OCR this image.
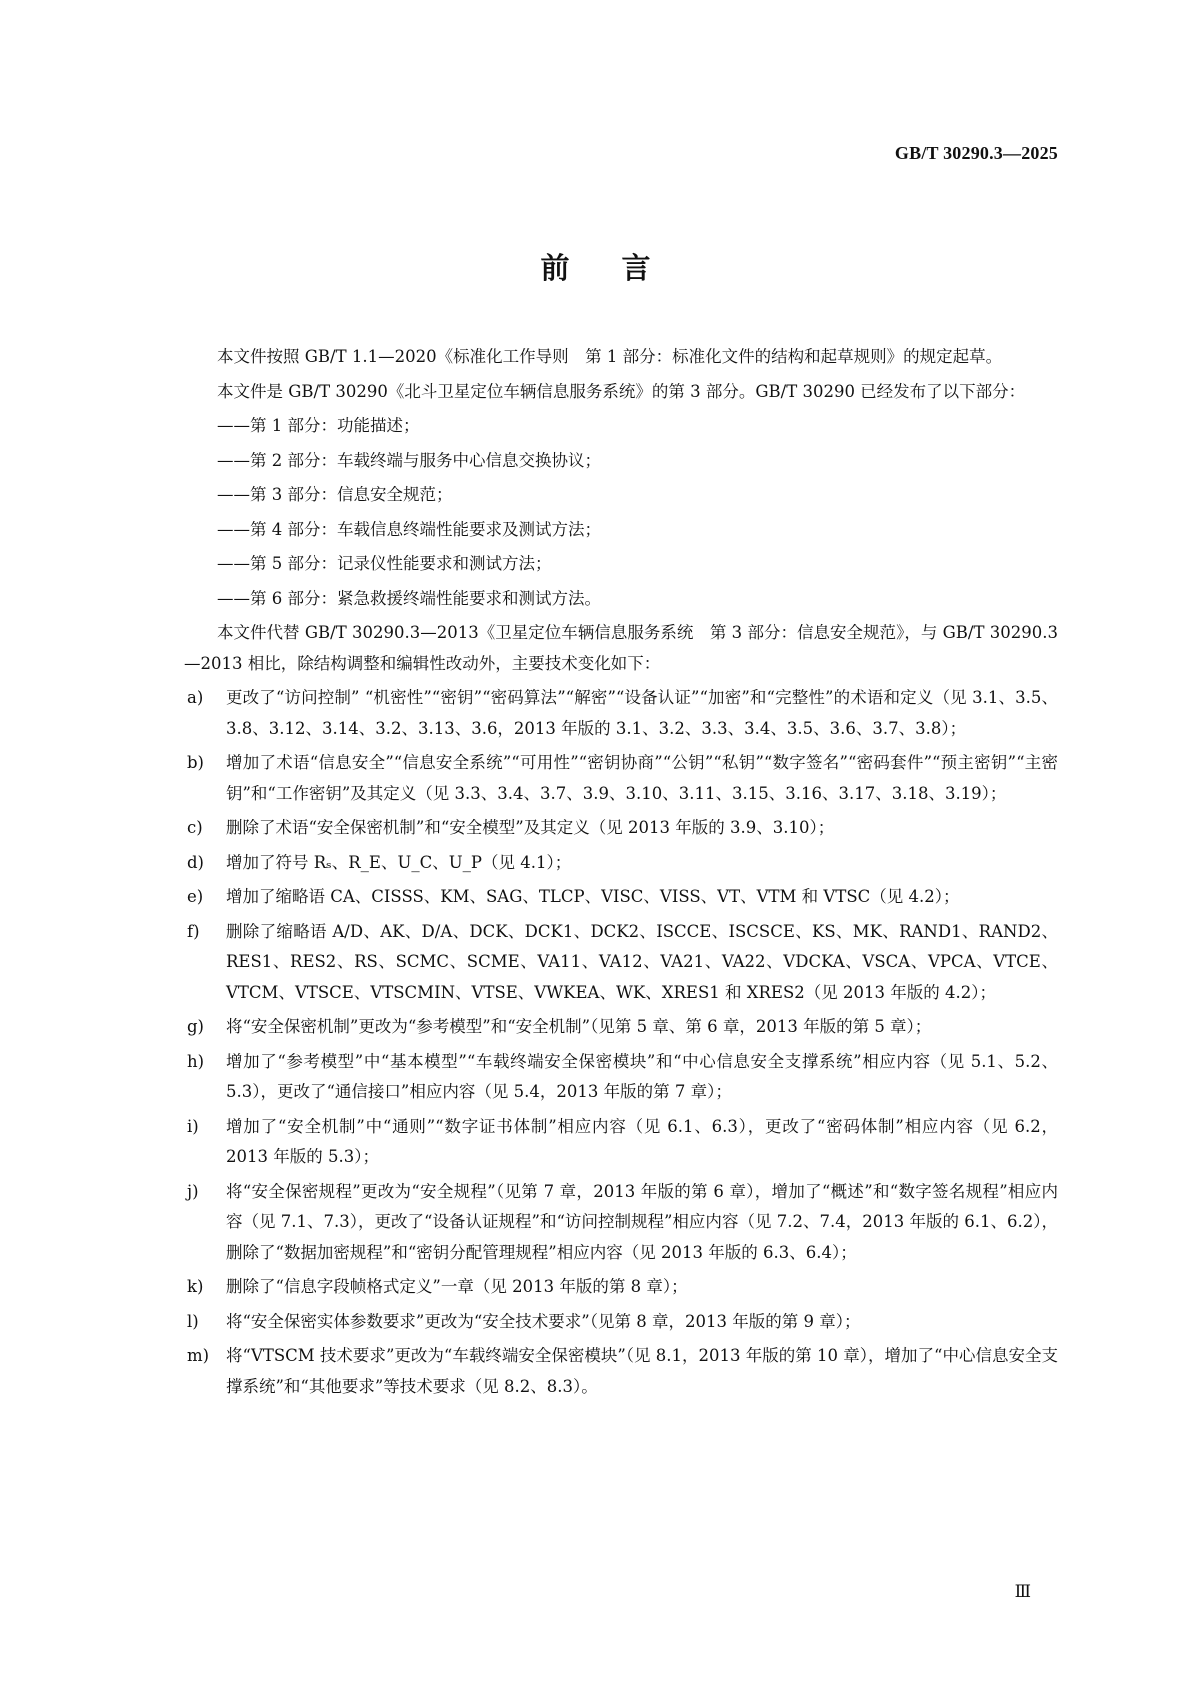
GB/T 30290.3—2025
前言

本文件按照 GB/T 1.1—2020《标准化工作导则　第 1 部分：标准化文件的结构和起草规则》的规定起草。

本文件是 GB/T 30290《北斗卫星定位车辆信息服务系统》的第 3 部分。GB/T 30290 已经发布了以下部分：

——第 1 部分：功能描述；
——第 2 部分：车载终端与服务中心信息交换协议；
——第 3 部分：信息安全规范；
——第 4 部分：车载信息终端性能要求及测试方法；
——第 5 部分：记录仪性能要求和测试方法；
——第 6 部分：紧急救援终端性能要求和测试方法。

本文件代替 GB/T 30290.3—2013《卫星定位车辆信息服务系统　第 3 部分：信息安全规范》，与 GB/T 30290.3—2013 相比，除结构调整和编辑性改动外，主要技术变化如下：

a)	更改了“访问控制” “机密性”“密钥”“密码算法”“解密”“设备认证”“加密”和“完整性”的术语和定义（见 3.1、3.5、3.8、3.12、3.14、3.2、3.13、3.6，2013 年版的 3.1、3.2、3.3、3.4、3.5、3.6、3.7、3.8）；
b)	增加了术语“信息安全”“信息安全系统”“可用性”“密钥协商”“公钥”“私钥”“数字签名”“密码套件”“预主密钥”“主密钥”和“工作密钥”及其定义（见 3.3、3.4、3.7、3.9、3.10、3.11、3.15、3.16、3.17、3.18、3.19）；
c)	删除了术语“安全保密机制”和“安全模型”及其定义（见 2013 年版的 3.9、3.10）；
d)	增加了符号 Rₛ、R_E、U_C、U_P（见 4.1）；
e)	增加了缩略语 CA、CISSS、KM、SAG、TLCP、VISC、VISS、VT、VTM 和 VTSC（见 4.2）；
f)	删除了缩略语 A/D、AK、D/A、DCK、DCK1、DCK2、ISCCE、ISCSCE、KS、MK、RAND1、RAND2、RES1、RES2、RS、SCMC、SCME、VA11、VA12、VA21、VA22、VDCKA、VSCA、VPCA、VTCE、VTCM、VTSCE、VTSCMIN、VTSE、VWKEA、WK、XRES1 和 XRES2（见 2013 年版的 4.2）；
g)	将“安全保密机制”更改为“参考模型”和“安全机制”（见第 5 章、第 6 章，2013 年版的第 5 章）；
h)	增加了“参考模型”中“基本模型”“车载终端安全保密模块”和“中心信息安全支撑系统”相应内容（见 5.1、5.2、5.3），更改了“通信接口”相应内容（见 5.4，2013 年版的第 7 章）；
i)	增加了“安全机制”中“通则”“数字证书体制”相应内容（见 6.1、6.3），更改了“密码体制”相应内容（见 6.2，2013 年版的 5.3）；
j)	将“安全保密规程”更改为“安全规程”（见第 7 章，2013 年版的第 6 章），增加了“概述”和“数字签名规程”相应内容（见 7.1、7.3），更改了“设备认证规程”和“访问控制规程”相应内容（见 7.2、7.4，2013 年版的 6.1、6.2），删除了“数据加密规程”和“密钥分配管理规程”相应内容（见 2013 年版的 6.3、6.4）；
k)	删除了“信息字段帧格式定义”一章（见 2013 年版的第 8 章）；
l)	将“安全保密实体参数要求”更改为“安全技术要求”（见第 8 章，2013 年版的第 9 章）；
m)	将“VTSCM 技术要求”更改为“车载终端安全保密模块”（见 8.1，2013 年版的第 10 章），增加了“中心信息安全支撑系统”和“其他要求”等技术要求（见 8.2、8.3）。
Ⅲ
